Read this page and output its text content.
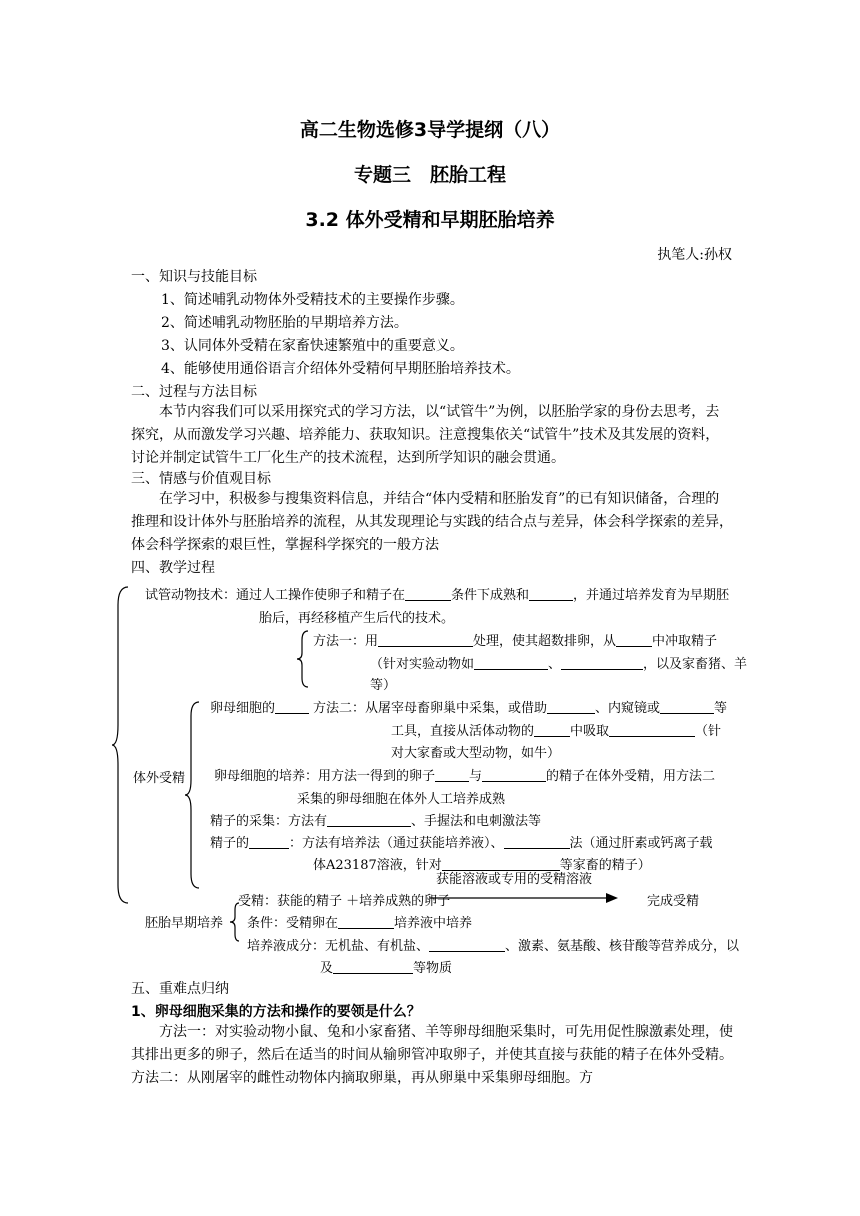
高二生物选修3导学提纲（八）
专题三　胚胎工程
3.2 体外受精和早期胚胎培养
执笔人:孙权
一、知识与技能目标
1、简述哺乳动物体外受精技术的主要操作步骤。
2、简述哺乳动物胚胎的早期培养方法。
3、认同体外受精在家畜快速繁殖中的重要意义。
4、能够使用通俗语言介绍体外受精何早期胚胎培养技术。
二、过程与方法目标
本节内容我们可以采用探究式的学习方法，以“试管牛”为例，以胚胎学家的身份去思考，去探究，从而激发学习兴趣、培养能力、获取知识。注意搜集依关“试管牛”技术及其发展的资料，讨论并制定试管牛工厂化生产的技术流程，达到所学知识的融会贯通。
三、情感与价值观目标
在学习中，积极参与搜集资料信息，并结合“体内受精和胚胎发育”的已有知识储备，合理的推理和设计体外与胚胎培养的流程，从其发现理论与实践的结合点与差异，体会科学探索的差异，体会科学探索的艰巨性，掌握科学探究的一般方法
四、教学过程
试管动物技术：通过人工操作使卵子和精子在	条件下成熟和	，并通过培养发育为早期胚
胎后，再经移植产生后代的技术。
方法一：用	处理，使其超数排卵，从	中冲取精子
（针对实验动物如	、	，以及家畜猪、羊
等）
卵母细胞的	方法二：从屠宰母畜卵巢中采集，或借助	、内窥镜或	等
工具，直接从活体动物的	中吸取	（针
对大家畜或大型动物，如牛）
体外受精 卵母细胞的培养：用方法一得到的卵子	与	的精子在体外受精，用方法二
采集的卵母细胞在体外人工培养成熟
精子的采集：方法有	、手握法和电刺激法等
精子的	：方法有培养法（通过获能培养液）、	法（通过肝素或钙离子载
体A23187溶液，针对	等家畜的精子）
获能溶液或专用的受精溶液
受精：获能的精子 ＋培养成熟的卵子	完成受精
胚胎早期培养 条件：受精卵在	培养液中培养
培养液成分：无机盐、有机盐、	、激素、氨基酸、核苷酸等营养成分，以
及	等物质
五、重难点归纳
1、卵母细胞采集的方法和操作的要领是什么？
方法一：对实验动物小鼠、兔和小家畜猪、羊等卵母细胞采集时，可先用促性腺激素处理，使其排出更多的卵子，然后在适当的时间从输卵管冲取卵子，并使其直接与获能的精子在体外受精。方法二：从刚屠宰的雌性动物体内摘取卵巢，再从卵巢中采集卵母细胞。方
